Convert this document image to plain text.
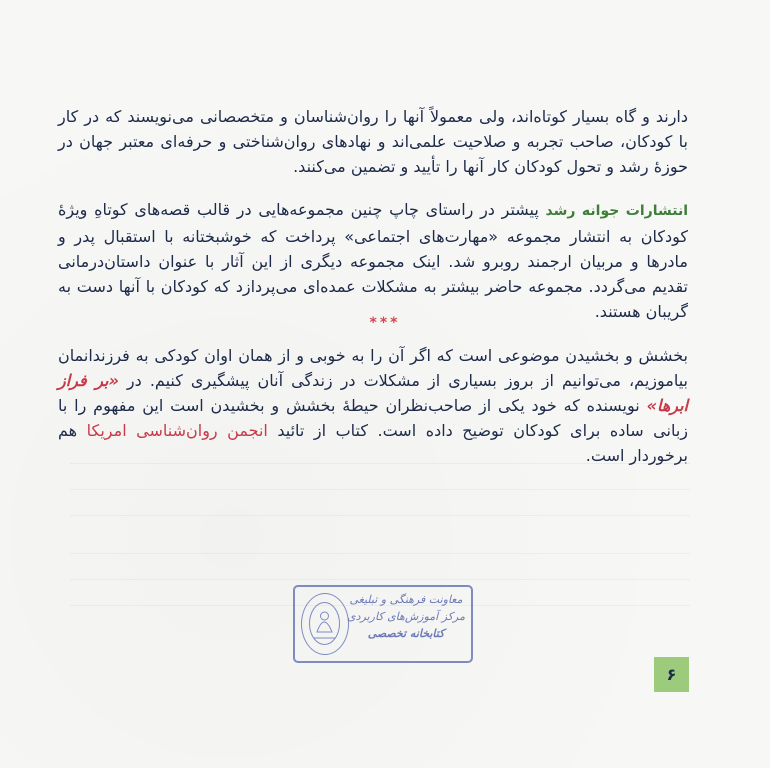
دارند و گاه بسیار کوتاه‌اند، ولی معمولاً آنها را روان‌شناسان و متخصصانی می‌نویسند که در کار با کودکان، صاحب تجربه و صلاحیت علمی‌اند و نهادهای روان‌شناختی و حرفه‌ای معتبر جهان در حوزهٔ رشد و تحول کودکان کار آنها را تأیید و تضمین می‌کنند.

انتشارات جوانه رشد پیشتر در راستای چاپ چنین مجموعه‌هایی در قالب قصه‌های کوتاهِ ویژهٔ کودکان به انتشار مجموعه «مهارت‌های اجتماعی» پرداخت که خوشبختانه با استقبال پدر و مادرها و مربیان ارجمند روبرو شد. اینک مجموعه دیگری از این آثار با عنوان داستان‌درمانی تقدیم می‌گردد. مجموعه حاضر بیشتر به مشکلات عمده‌ای می‌پردازد که کودکان با آنها دست به گریبان هستند.

***

بخشش و بخشیدن موضوعی است که اگر آن را به خوبی و از همان اوان کودکی به فرزندانمان بیاموزیم، می‌توانیم از بروز بسیاری از مشکلات در زندگی آنان پیشگیری کنیم. در «بر فراز ابرها» نویسنده که خود یکی از صاحب‌نظران حیطهٔ بخشش و بخشیدن است این مفهوم را با زبانی ساده برای کودکان توضیح داده است. کتاب از تائید انجمن روان‌شناسی امریکا هم برخوردار است.

معاونت فرهنگی و تبلیغی
مرکز آموزش‌های کاربردی
کتابخانه تخصصی
۶
